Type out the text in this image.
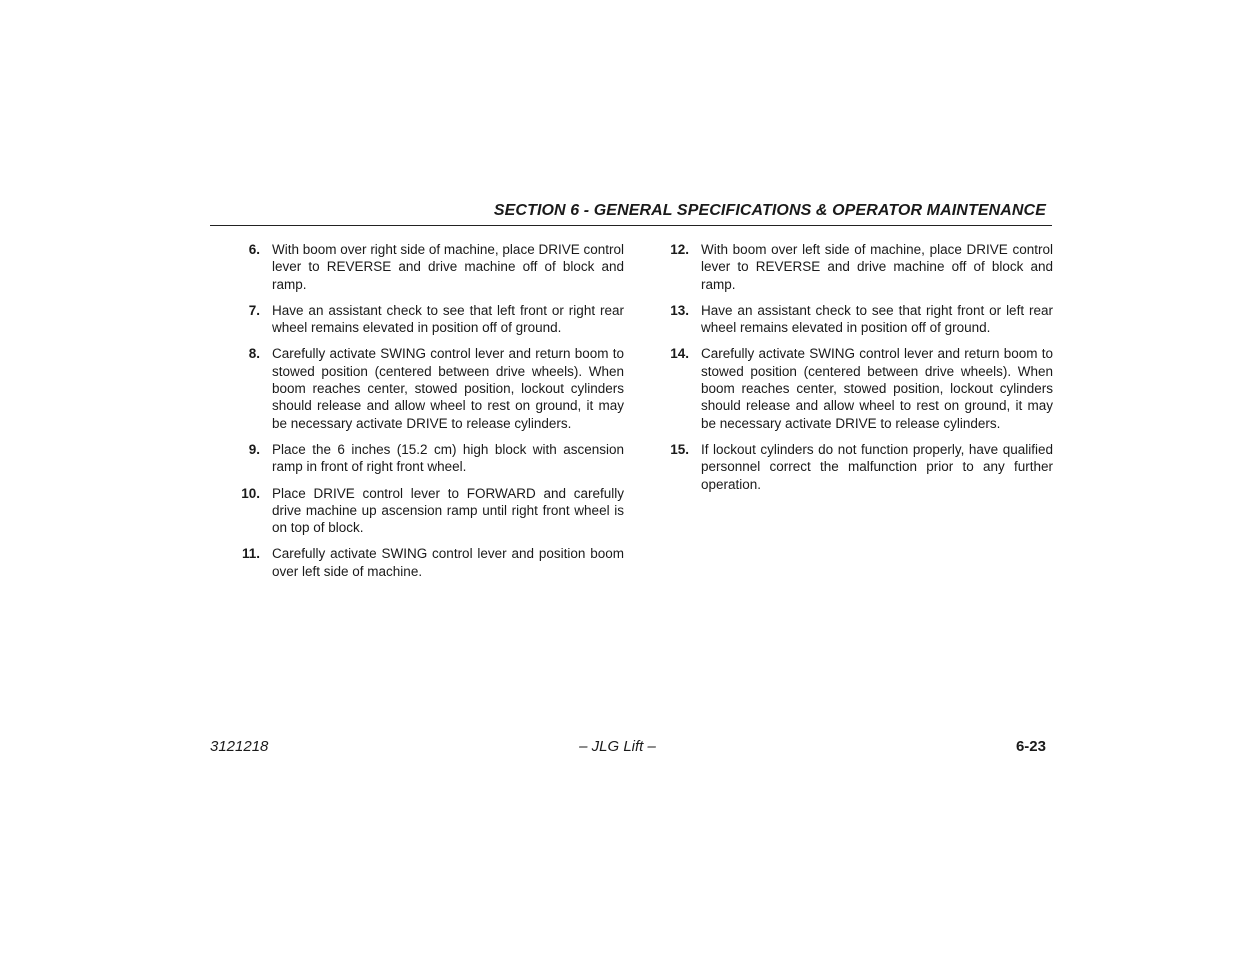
SECTION 6 - GENERAL SPECIFICATIONS & OPERATOR MAINTENANCE
6. With boom over right side of machine, place DRIVE control lever to REVERSE and drive machine off of block and ramp.
7. Have an assistant check to see that left front or right rear wheel remains elevated in position off of ground.
8. Carefully activate SWING control lever and return boom to stowed position (centered between drive wheels). When boom reaches center, stowed position, lockout cylinders should release and allow wheel to rest on ground, it may be necessary activate DRIVE to release cylinders.
9. Place the 6 inches (15.2 cm) high block with ascension ramp in front of right front wheel.
10. Place DRIVE control lever to FORWARD and carefully drive machine up ascension ramp until right front wheel is on top of block.
11. Carefully activate SWING control lever and position boom over left side of machine.
12. With boom over left side of machine, place DRIVE control lever to REVERSE and drive machine off of block and ramp.
13. Have an assistant check to see that right front or left rear wheel remains elevated in position off of ground.
14. Carefully activate SWING control lever and return boom to stowed position (centered between drive wheels). When boom reaches center, stowed position, lockout cylinders should release and allow wheel to rest on ground, it may be necessary activate DRIVE to release cylinders.
15. If lockout cylinders do not function properly, have qualified personnel correct the malfunction prior to any further operation.
3121218	– JLG Lift –	6-23
